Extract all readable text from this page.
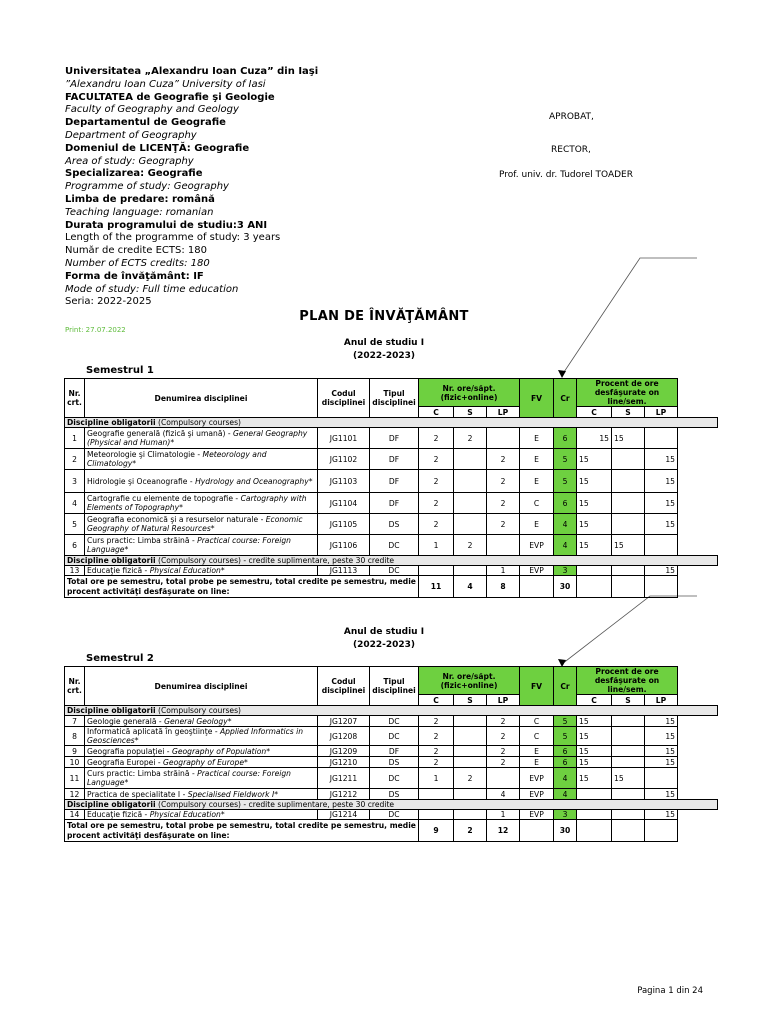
Universitatea „Alexandru Ioan Cuza” din Iaşi
”Alexandru Ioan Cuza” University of Iasi
FACULTATEA de Geografie şi Geologie
Faculty of Geography and Geology
Departamentul de Geografie
Department of Geography
Domeniul de LICENŢĂ: Geografie
Area of study: Geography
Specializarea: Geografie
Programme of study: Geography
Limba de predare: română
Teaching language: romanian
Durata programului de studiu:3 ANI
Length of the programme of study: 3 years
Număr de credite ECTS: 180
Number of ECTS credits: 180
Forma de învăţământ: IF
Mode of study: Full time education
Seria: 2022-2025
APROBAT,
RECTOR,
Prof. univ. dr. Tudorel TOADER
PLAN DE ÎNVĂŢĂMÂNT
Print: 27.07.2022
Anul de studiu I
(2022-2023)
Semestrul 1
Nr. crt.	Denumirea disciplinei	Codul disciplinei	Tipul disciplinei	Nr. ore/săpt. (fizic+online)			FV	Cr	Procent de ore desfăşurate on line/sem.		
				C	S	LP			C	S	LP
Discipline obligatorii (Compulsory courses)											
1	Geografie generală (fizică şi umană) - General Geography (Physical and Human)*	JG1101	DF	2	2		E	6	15	15	
2	Meteorologie şi Climatologie - Meteorology and Climatology*	JG1102	DF	2		2	E	5	15		15
3	Hidrologie şi Oceanografie - Hydrology and Oceanography*	JG1103	DF	2		2	E	5	15		15
4	Cartografie cu elemente de topografie - Cartography with Elements of Topography*	JG1104	DF	2		2	C	6	15		15
5	Geografia economică şi a resurselor naturale - Economic Geography of Natural Resources*	JG1105	DS	2		2	E	4	15		15
6	Curs practic: Limba străină - Practical course: Foreign Language*	JG1106	DC	1	2		EVP	4	15	15	
Discipline obligatorii (Compulsory courses) - credite suplimentare, peste 30 credite											
13	Educaţie fizică - Physical Education*	JG1113	DC			1	EVP	3			15
Total ore pe semestru, total probe pe semestru, total credite pe semestru, medie procent activităţi desfăşurate on line:				11	4	8		30			
Anul de studiu I
(2022-2023)
Semestrul 2
Nr. crt.	Denumirea disciplinei	Codul disciplinei	Tipul disciplinei	Nr. ore/săpt. (fizic+online)			FV	Cr	Procent de ore desfăşurate on line/sem.		
				C	S	LP			C	S	LP
Discipline obligatorii (Compulsory courses)											
7	Geologie generală - General Geology*	JG1207	DC	2		2	C	5	15		15
8	Informatică aplicată în geoştiinţe - Applied Informatics in Geosciences*	JG1208	DC	2		2	C	5	15		15
9	Geografia populaţiei - Geography of Population*	JG1209	DF	2		2	E	6	15		15
10	Geografia Europei - Geography of Europe*	JG1210	DS	2		2	E	6	15		15
11	Curs practic: Limba străină - Practical course: Foreign Language*	JG1211	DC	1	2		EVP	4	15	15	
12	Practica de specialitate I - Specialised Fieldwork I*	JG1212	DS			4	EVP	4			15
Discipline obligatorii (Compulsory courses) - credite suplimentare, peste 30 credite											
14	Educaţie fizică - Physical Education*	JG1214	DC			1	EVP	3			15
Total ore pe semestru, total probe pe semestru, total credite pe semestru, medie procent activităţi desfăşurate on line:				9	2	12		30			
Pagina 1 din 24
